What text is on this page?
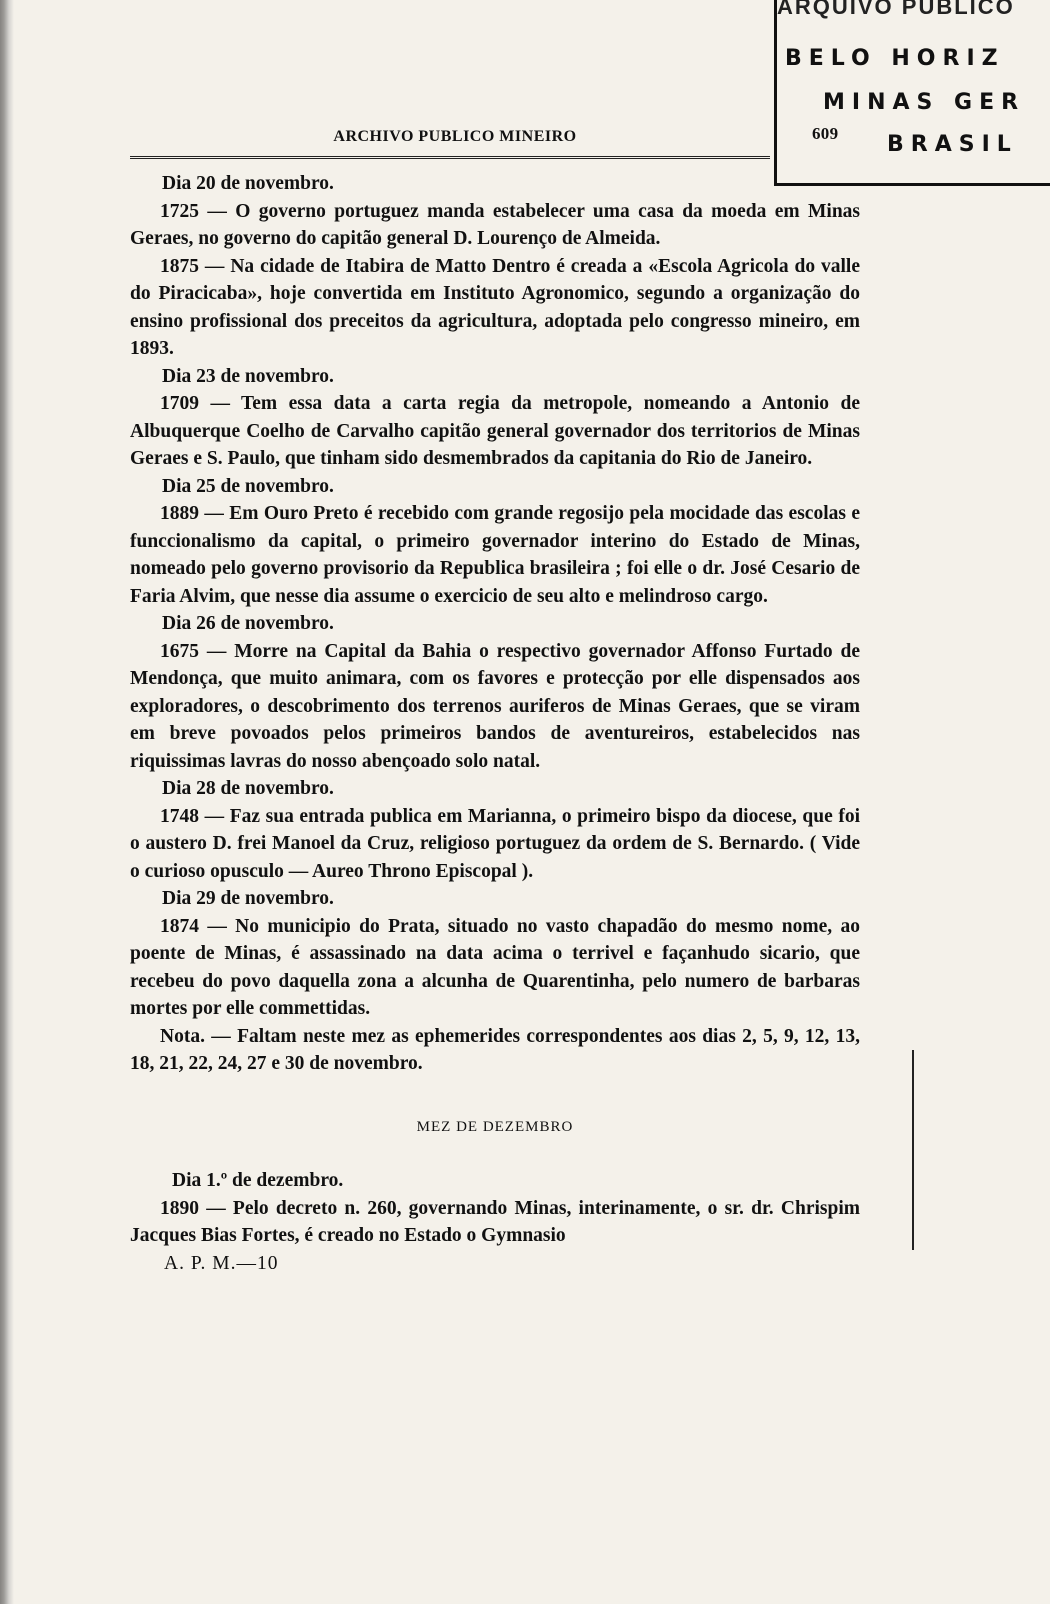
ARQUIVO PUBLICO
BELO HORIZ
MINAS GER
BRASIL
ARCHIVO PUBLICO MINEIRO	609

Dia 20 de novembro.

1725 — O governo portuguez manda estabelecer uma casa da moeda em Minas Geraes, no governo do capitão general D. Lourenço de Almeida.

1875 — Na cidade de Itabira de Matto Dentro é creada a «Escola Agricola do valle do Piracicaba», hoje convertida em Instituto Agronomico, segundo a organização do ensino profissional dos preceitos da agricultura, adoptada pelo congresso mineiro, em 1893.

Dia 23 de novembro.

1709 — Tem essa data a carta regia da metropole, nomeando a Antonio de Albuquerque Coelho de Carvalho capitão general governador dos territorios de Minas Geraes e S. Paulo, que tinham sido desmembrados da capitania do Rio de Janeiro.

Dia 25 de novembro.

1889 — Em Ouro Preto é recebido com grande regosijo pela mocidade das escolas e funccionalismo da capital, o primeiro governador interino do Estado de Minas, nomeado pelo governo provisorio da Republica brasileira ; foi elle o dr. José Cesario de Faria Alvim, que nesse dia assume o exercicio de seu alto e melindroso cargo.

Dia 26 de novembro.

1675 — Morre na Capital da Bahia o respectivo governador Affonso Furtado de Mendonça, que muito animara, com os favores e protecção por elle dispensados aos exploradores, o descobrimento dos terrenos auriferos de Minas Geraes, que se viram em breve povoados pelos primeiros bandos de aventureiros, estabelecidos nas riquissimas lavras do nosso abençoado solo natal.

Dia 28 de novembro.

1748 — Faz sua entrada publica em Marianna, o primeiro bispo da diocese, que foi o austero D. frei Manoel da Cruz, religioso portuguez da ordem de S. Bernardo. ( Vide o curioso opusculo — Aureo Throno Episcopal ).

Dia 29 de novembro.

1874 — No municipio do Prata, situado no vasto chapadão do mesmo nome, ao poente de Minas, é assassinado na data acima o terrivel e façanhudo sicario, que recebeu do povo daquella zona a alcunha de Quarentinha, pelo numero de barbaras mortes por elle commettidas.

Nota. — Faltam neste mez as ephemerides correspondentes aos dias 2, 5, 9, 12, 13, 18, 21, 22, 24, 27 e 30 de novembro.

MEZ DE DEZEMBRO

Dia 1.º de dezembro.

1890 — Pelo decreto n. 260, governando Minas, interinamente, o sr. dr. Chrispim Jacques Bias Fortes, é creado no Estado o Gymnasio

A. P. M.—10
